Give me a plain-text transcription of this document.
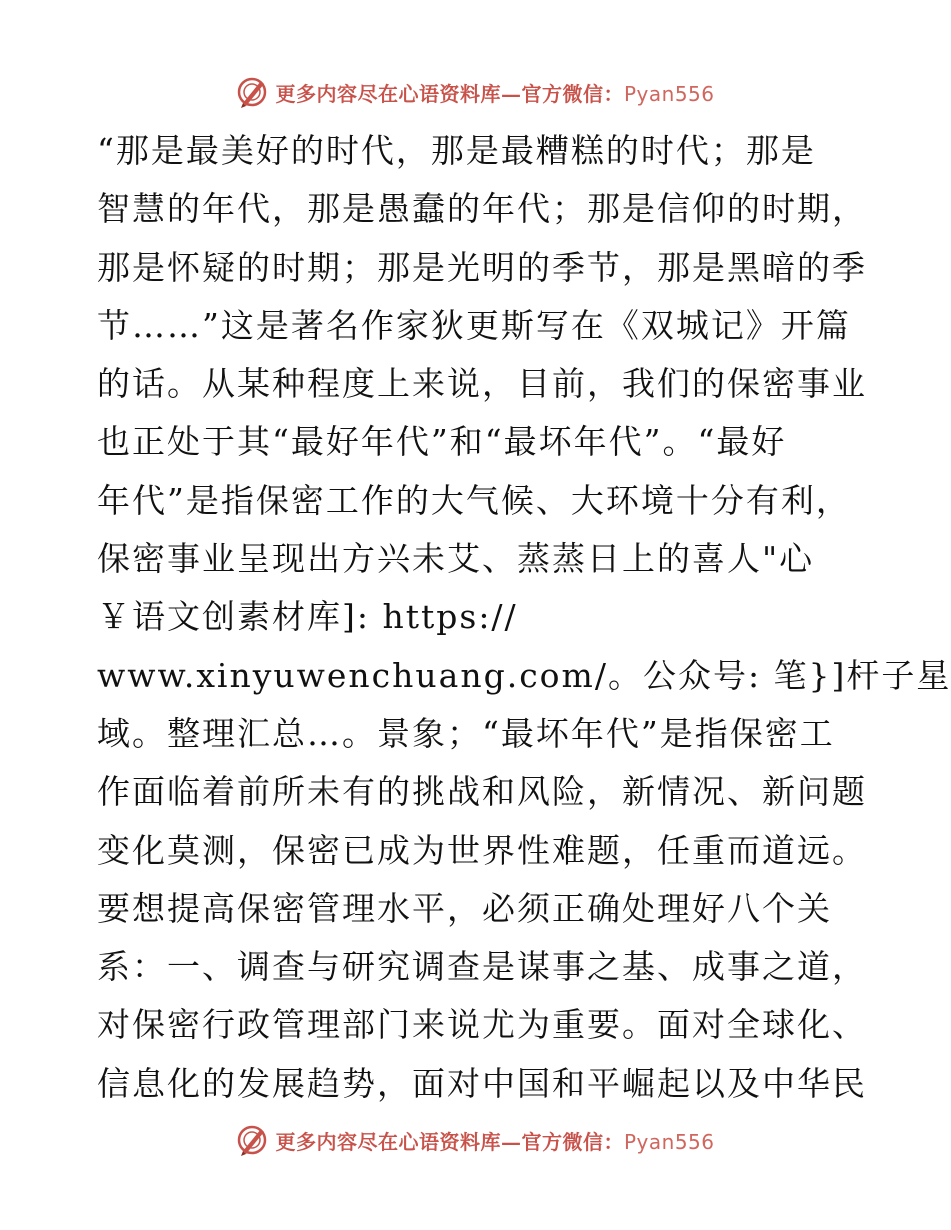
更多内容尽在心语资料库—官方微信：Pyan556
“那是最美好的时代，那是最糟糕的时代；那是
智慧的年代，那是愚蠢的年代；那是信仰的时期，
那是怀疑的时期；那是光明的季节，那是黑暗的季
节……”这是著名作家狄更斯写在《双城记》开篇
的话。从某种程度上来说，目前，我们的保密事业
也正处于其“最好年代”和“最坏年代”。“最好
年代”是指保密工作的大气候、大环境十分有利，
保密事业呈现出方兴未艾、蒸蒸日上的喜人"心
￥语文创素材库]: https://
www.xinyuwenchuang.com/。公众号: 笔}]杆子星
域。整理汇总…。景象；“最坏年代”是指保密工
作面临着前所未有的挑战和风险，新情况、新问题
变化莫测，保密已成为世界性难题，任重而道远。
要想提高保密管理水平，必须正确处理好八个关
系：一、调查与研究调查是谋事之基、成事之道，
对保密行政管理部门来说尤为重要。面对全球化、
信息化的发展趋势，面对中国和平崛起以及中华民
更多内容尽在心语资料库—官方微信：Pyan556
